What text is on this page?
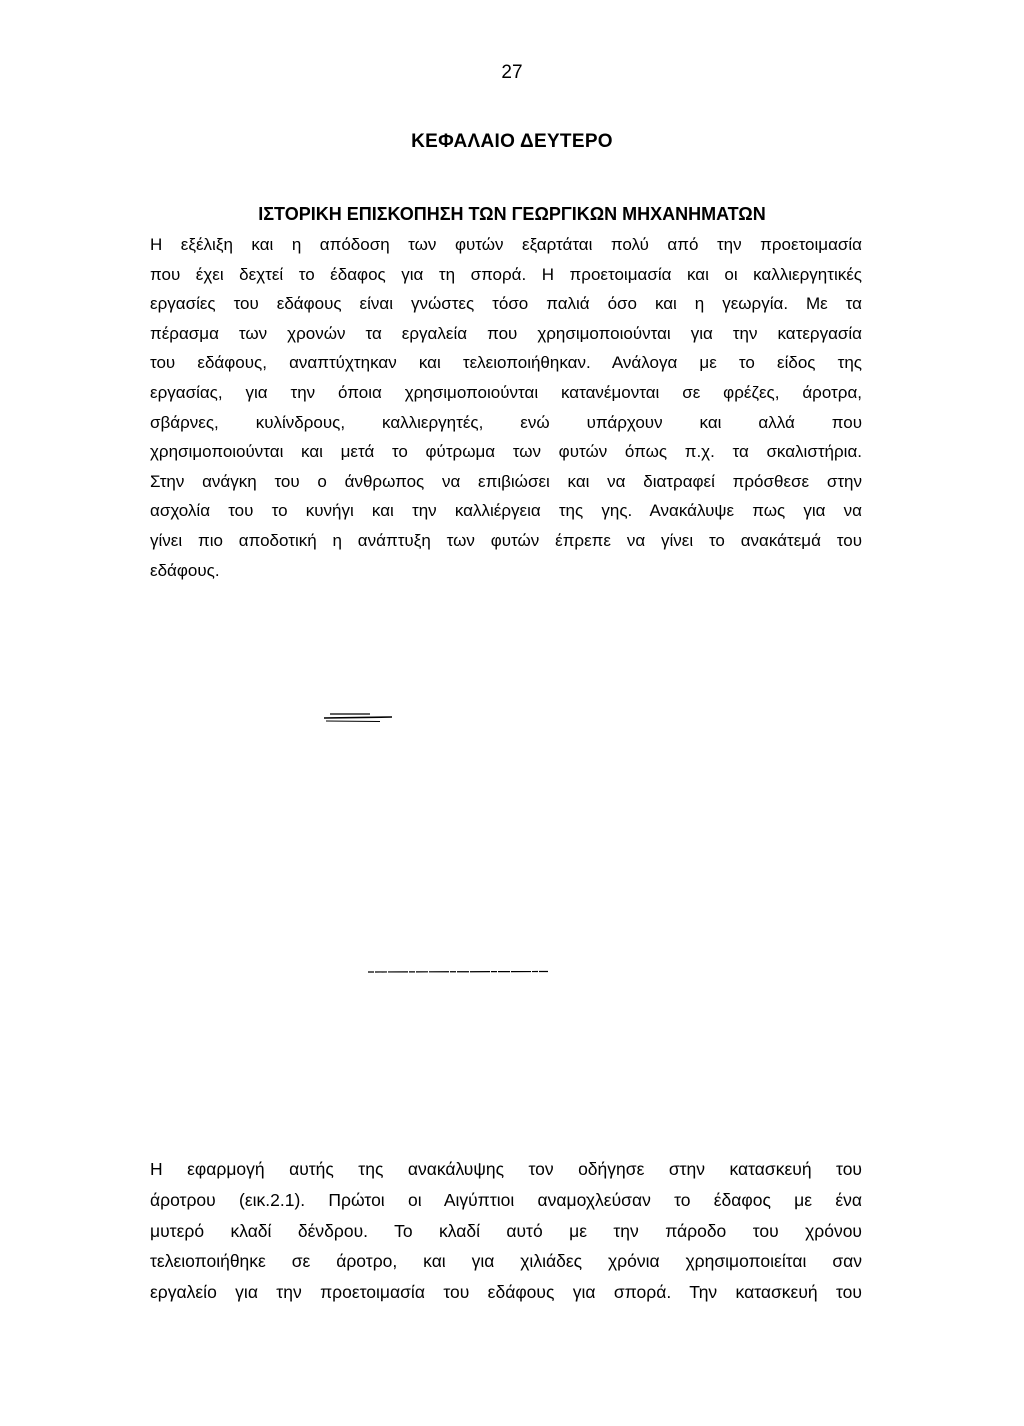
27
ΚΕΦΑΛΑΙΟ ΔΕΥΤΕΡΟ
ΙΣΤΟΡΙΚΗ ΕΠΙΣΚΟΠΗΣΗ ΤΩΝ ΓΕΩΡΓΙΚΩΝ ΜΗΧΑΝΗΜΑΤΩΝ
Η εξέλιξη και η απόδοση των φυτών εξαρτάται πολύ από την προετοιμασία
που έχει δεχτεί το έδαφος για τη σπορά. Η προετοιμασία και οι καλλιεργητικές
εργασίες του εδάφους είναι γνώστες τόσο παλιά όσο και η γεωργία. Με τα
πέρασμα των χρονών τα εργαλεία που χρησιμοποιούνται για την κατεργασία
του εδάφους, αναπτύχτηκαν και τελειοποιήθηκαν. Ανάλογα με το είδος της
εργασίας, για την όποια χρησιμοποιούνται κατανέμονται σε φρέζες, άροτρα,
σβάρνες, κυλίνδρους, καλλιεργητές, ενώ υπάρχουν και αλλά που
χρησιμοποιούνται και μετά το φύτρωμα των φυτών όπως π.χ. τα σκαλιστήρια.
Στην ανάγκη του ο άνθρωπος να επιβιώσει και να διατραφεί πρόσθεσε στην
ασχολία του το κυνήγι και την καλλιέργεια της γης. Ανακάλυψε πως για να
γίνει πιο αποδοτική η ανάπτυξη των φυτών έπρεπε να γίνει το ανακάτεμά του
εδάφους.
Η εφαρμογή αυτής της ανακάλυψης τον οδήγησε στην κατασκευή του
άροτρου (εικ.2.1). Πρώτοι οι Αιγύπτιοι αναμοχλεύσαν το έδαφος με ένα
μυτερό κλαδί δένδρου. Το κλαδί αυτό με την πάροδο του χρόνου
τελειοποιήθηκε σε άροτρο, και για χιλιάδες χρόνια χρησιμοποιείται σαν
εργαλείο για την προετοιμασία του εδάφους για σπορά. Την κατασκευή του
